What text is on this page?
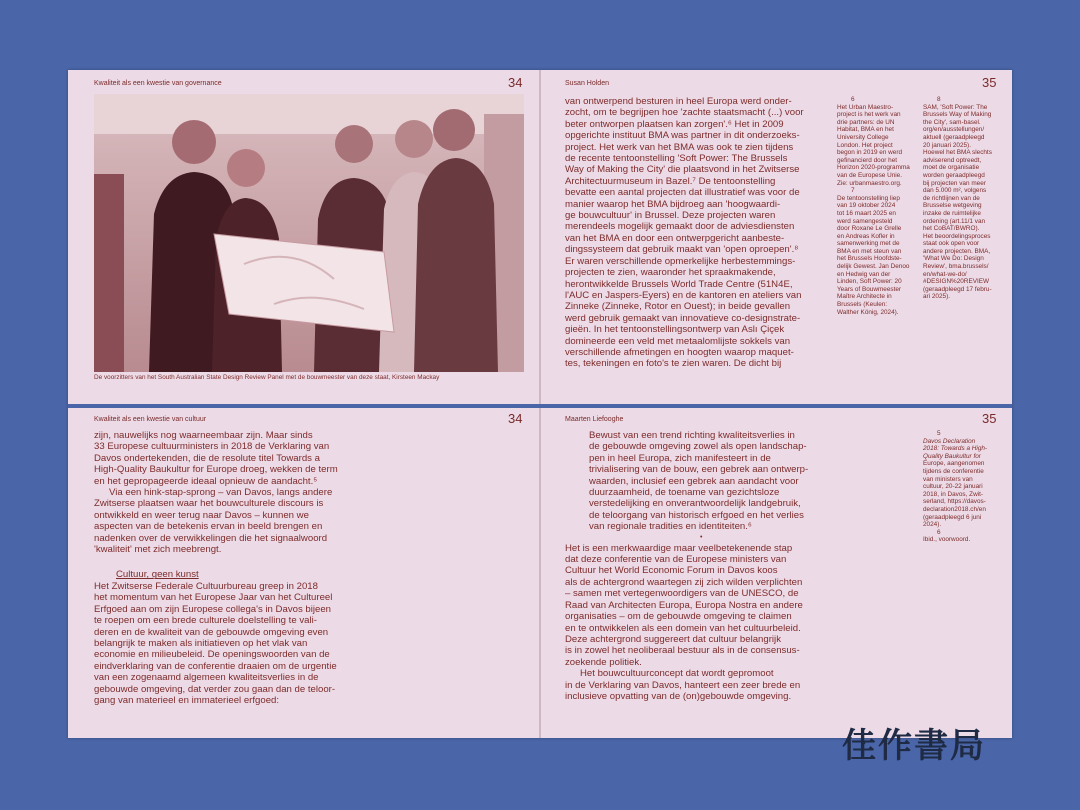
Kwaliteit als een kwestie van governance	34
De voorzitters van het South Australian State Design Review Panel met de bouwmeester van deze staat, Kirsteen Mackay
Susan Holden	35
van ontwerpend besturen in heel Europa werd onder-
zocht, om te begrijpen hoe 'zachte staatsmacht (...) voor
beter ontworpen plaatsen kan zorgen'.⁶ Het in 2009
opgerichte instituut BMA was partner in dit onderzoeks-
project. Het werk van het BMA was ook te zien tijdens
de recente tentoonstelling 'Soft Power: The Brussels
Way of Making the City' die plaatsvond in het Zwitserse
Architectuurmuseum in Bazel.⁷ De tentoonstelling
bevatte een aantal projecten dat illustratief was voor de
manier waarop het BMA bijdroeg aan 'hoogwaardi-
ge bouwcultuur' in Brussel. Deze projecten waren
merendeels mogelijk gemaakt door de adviesdiensten
van het BMA en door een ontwerpgericht aanbeste-
dingssysteem dat gebruik maakt van 'open oproepen'.⁸
Er waren verschillende opmerkelijke herbestemmings-
projecten te zien, waaronder het spraakmakende,
herontwikkelde Brussels World Trade Centre (51N4E,
l'AUC en Jaspers-Eyers) en de kantoren en ateliers van
Zinneke (Zinneke, Rotor en Ouest); in beide gevallen
werd gebruik gemaakt van innovatieve co-designstrate-
gieën. In het tentoonstellingsontwerp van Aslı Çiçek
domineerde een veld met metaalomlijste sokkels van
verschillende afmetingen en hoogten waarop maquet-
tes, tekeningen en foto's te zien waren. De dicht bij
6
Het Urban Maestro-
project is het werk van
drie partners: de UN
Habitat, BMA en het
University College
London. Het project
begon in 2019 en werd
gefinancierd door het
Horizon 2020-programma
van de Europese Unie.
Zie: urbanmaestro.org.
7
De tentoonstelling liep
van 19 oktober 2024
tot 16 maart 2025 en
werd samengesteld
door Roxane Le Grelle
en Andreas Kofler in
samenwerking met de
BMA en met steun van
het Brussels Hoofdste-
delijk Gewest. Jan Denoo
en Hedwig van der
Linden, Soft Power: 20
Years of Bouwmeester
Maître Architecte in
Brussels (Keulen:
Walther König, 2024).
8
SAM, 'Soft Power: The
Brussels Way of Making
the City', sam-basel.
org/en/ausstellungen/
aktuell (geraadpleegd
20 januari 2025).
Hoewel het BMA slechts
adviserend optreedt,
moet de organisatie
worden geraadpleegd
bij projecten van meer
dan 5.000 m², volgens
de richtlijnen van de
Brusselse wetgeving
inzake de ruimtelijke
ordening (art.11/1 van
het CoBAT/BWRO).
Het beoordelingsproces
staat ook open voor
andere projecten. BMA,
'What We Do: Design
Review', bma.brussels/
en/what-we-do/
#DESIGN%20REVIEW
(geraadpleegd 17 febru-
ari 2025).
Kwaliteit als een kwestie van cultuur	34
zijn, nauwelijks nog waarneembaar zijn. Maar sinds
33 Europese cultuurministers in 2018 de Verklaring van
Davos ondertekenden, die de resolute titel Towards a
High-Quality Baukultur for Europe droeg, wekken de term
en het gepropageerde ideaal opnieuw de aandacht.⁵
Via een hink-stap-sprong – van Davos, langs andere
Zwitserse plaatsen waar het bouwculturele discours is
ontwikkeld en weer terug naar Davos – kunnen we
aspecten van de betekenis ervan in beeld brengen en
nadenken over de verwikkelingen die het signaalwoord
'kwaliteit' met zich meebrengt.
Cultuur, geen kunst
Het Zwitserse Federale Cultuurbureau greep in 2018
het momentum van het Europese Jaar van het Cultureel
Erfgoed aan om zijn Europese collega's in Davos bijeen
te roepen om een brede culturele doelstelling te vali-
deren en de kwaliteit van de gebouwde omgeving even
belangrijk te maken als initiatieven op het vlak van
economie en milieubeleid. De openingswoorden van de
eindverklaring van de conferentie draaien om de urgentie
van een zogenaamd algemeen kwaliteitsverlies in de
gebouwde omgeving, dat verder zou gaan dan de teloor-
gang van materieel en immaterieel erfgoed:
Maarten Liefooghe	35
Bewust van een trend richting kwaliteitsverlies in
de gebouwde omgeving zowel als open landschap-
pen in heel Europa, zich manifesteert in de
trivialisering van de bouw, een gebrek aan ontwerp-
waarden, inclusief een gebrek aan aandacht voor
duurzaamheid, de toename van gezichtsloze
verstedelijking en onverantwoordelijk landgebruik,
de teloorgang van historisch erfgoed en het verlies
van regionale tradities en identiteiten.⁶
•
Het is een merkwaardige maar veelbetekenende stap
dat deze conferentie van de Europese ministers van
Cultuur het World Economic Forum in Davos koos
als de achtergrond waartegen zij zich wilden verplichten
– samen met vertegenwoordigers van de UNESCO, de
Raad van Architecten Europa, Europa Nostra en andere
organisaties – om de gebouwde omgeving te claimen
en te ontwikkelen als een domein van het cultuurbeleid.
Deze achtergrond suggereert dat cultuur belangrijk
is in zowel het neoliberaal bestuur als in de consensus-
zoekende politiek.
Het bouwcultuurconcept dat wordt gepromoot
in de Verklaring van Davos, hanteert een zeer brede en
inclusieve opvatting van de (on)gebouwde omgeving.
5
Davos Declaration
2018: Towards a High-
Quality Baukultur for
Europe, aangenomen
tijdens de conferentie
van ministers van
cultuur, 20-22 januari
2018, in Davos, Zwit-
serland, https://davos-
declaration2018.ch/en
(geraadpleegd 6 juni
2024).
6
Ibid., voorwoord.
佳作書局
